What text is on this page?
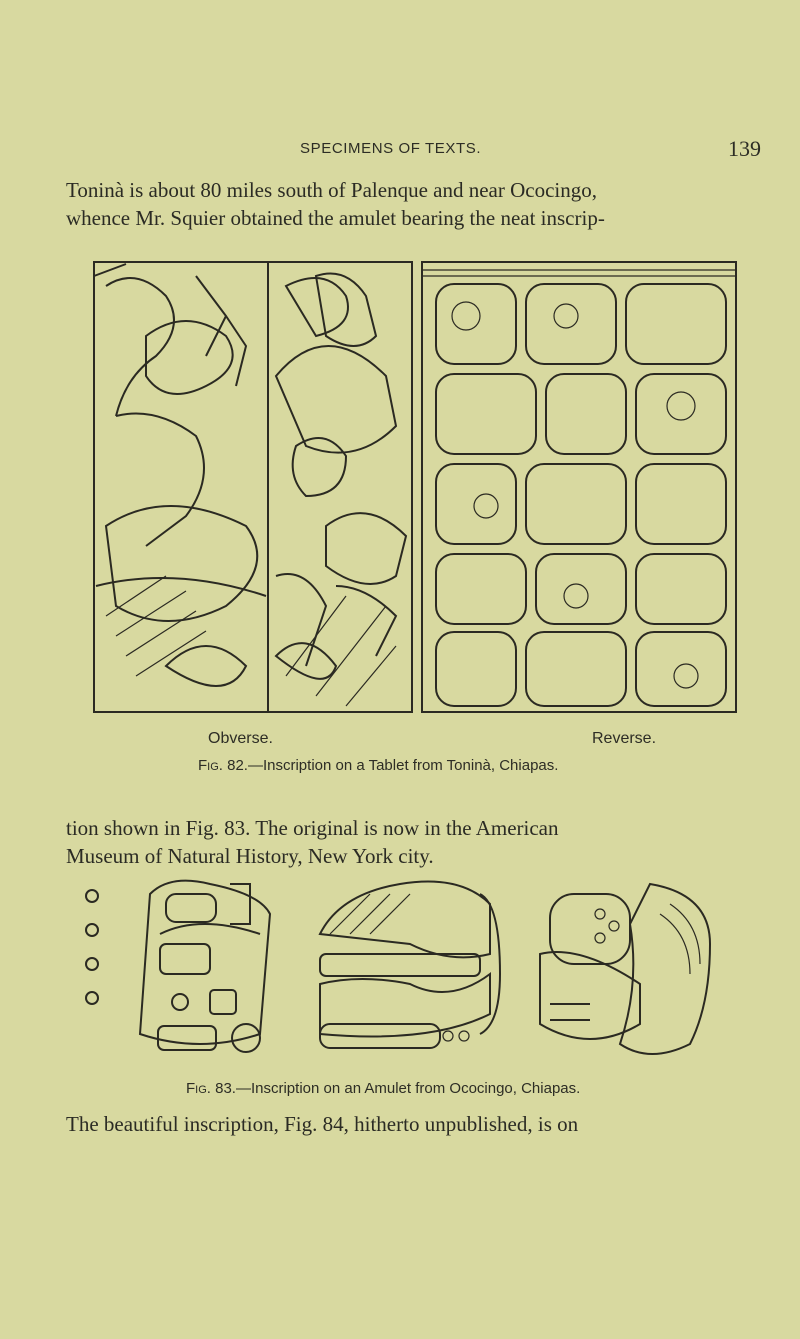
SPECIMENS OF TEXTS.	139
Toninà is about 80 miles south of Palenque and near Ococingo,
whence Mr. Squier obtained the amulet bearing the neat inscrip-
Obverse.	Reverse.
Fig. 82.—Inscription on a Tablet from Toninà, Chiapas.
tion shown in Fig. 83. The original is now in the American
Museum of Natural History, New York city.
Fig. 83.—Inscription on an Amulet from Ococingo, Chiapas.
The beautiful inscription, Fig. 84, hitherto unpublished, is on
